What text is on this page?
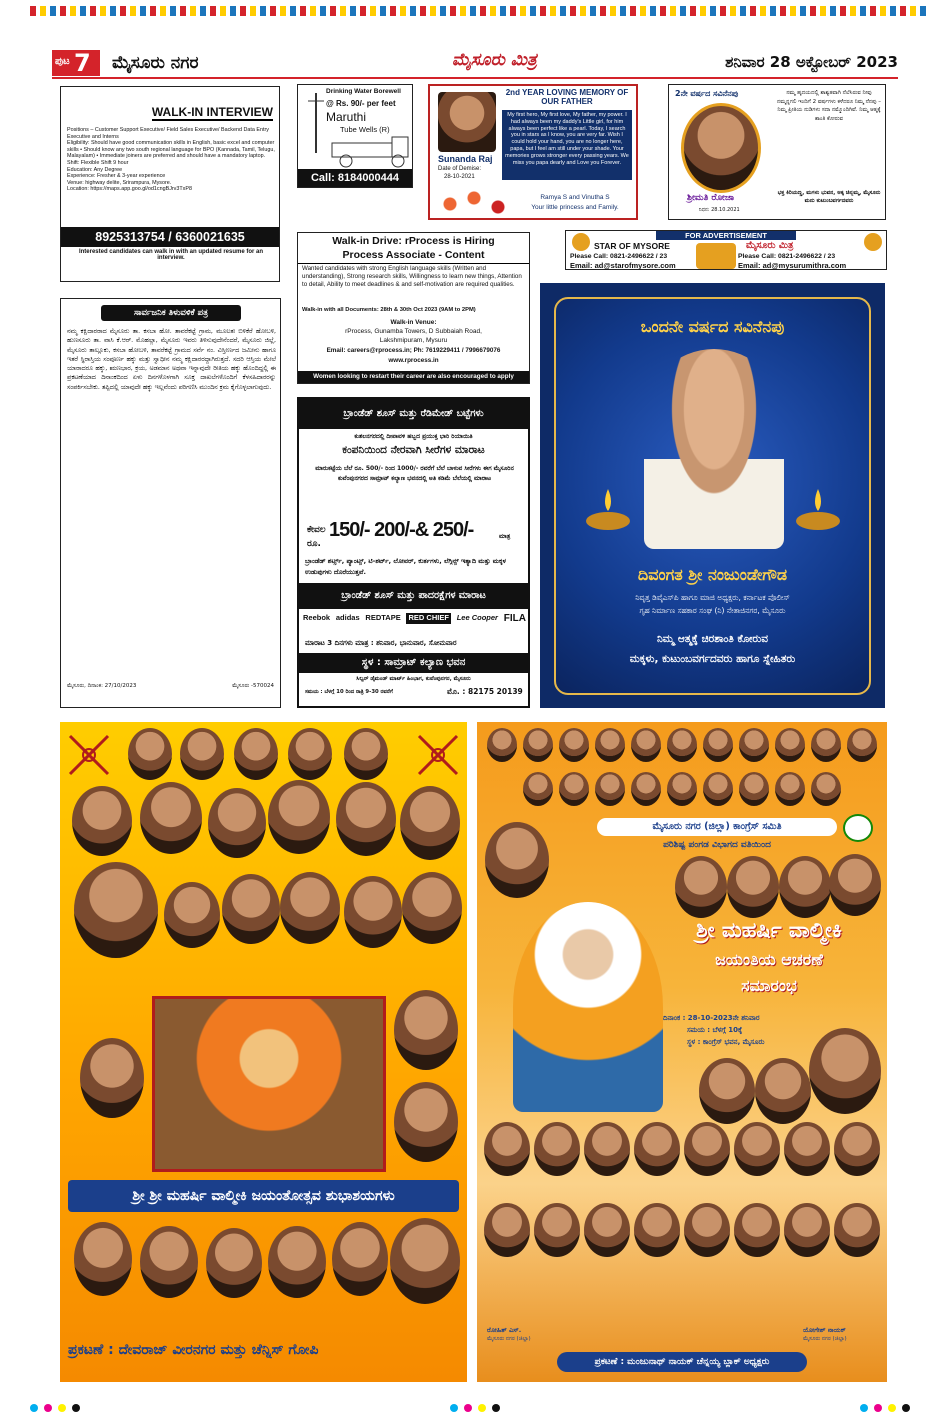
ಪುಟ 7 ಮೈಸೂರು ನಗರ	ಮೈಸೂರು ಮಿತ್ರ	ಶನಿವಾರ 28 ಅಕ್ಟೋಬರ್ 2023
WALK-IN INTERVIEW
Positions – Customer Support Executive/ Field Sales Executive/ Backend Data Entry Executive and Interns
Eligibility: Should have good communication skills in English, basic excel and computer skills • Should know any two south regional language for BPO (Kannada, Tamil, Telugu, Malayalam) • Immediate joiners are preferred and should have a mandatory laptop.
Shift: Flexible Shift 9 hour
Education: Any Degree
Experience: Fresher & 3-year experience
Venue: highway delite, Srirampura, Mysore.
Location: https://maps.app.goo.gl/od1cngBJrv3TxP8
8925313754 / 6360021635
Interested candidates can walk in with an updated resume for an interview.
Drinking Water Borewell
@ Rs. 90/- per feet
Maruthi
Tube Wells (R)
Call: 8184000444
2nd YEAR LOVING MEMORY OF OUR FATHER
Sunanda Raj
Date of Demise:
28-10-2021
My first hero, My first love, My father, my power. I had always been my daddy's Little girl, for him always been perfect like a pearl. Today, I search you in stars as I know, you are very far. Wish I could hold your hand, you are no longer here, papa, but I feel am still under your shade. Your memories grows stronger every passing years. We miss you papa dearly and Love you Forever.
Ramya S and Vinutha S
Your little princess and Family.
2ನೇ ವರ್ಷದ ಸವಿನೆನಪು
ಶ್ರೀಮತಿ ರೋಜಾ
ನಿಧನ: 28.10.2021
ನಮ್ಮ ಹೃದಯದಲ್ಲಿ ಶಾಶ್ವತವಾಗಿ ನೆಲೆಸಿರುವ ನೀವು ನಮ್ಮನ್ನಗಲಿ ಇಂದಿಗೆ 2 ವರ್ಷಗಳು ಕಳೆದರೂ ನಿಮ್ಮ ನೆನಪು – ನಿಮ್ಮ ಪ್ರೀತಿಯ ನುಡಿಗಳು ಸದಾ ನಮ್ಮೊಂದಿಗಿವೆ. ನಿಮ್ಮ ಆತ್ಮಕ್ಕೆ ಶಾಂತಿ ಕೋರುವ
ಭಕ್ತ ಕಿರಿಯಣ್ಣ, ಮಗಳು ಭುವನ, ಅಕ್ಕ ಚಿನ್ನಮ್ಮ, ಮೈಸೂರು ಮನು ಕುಟುಂಬವರ್ಗದವರು
FOR ADVERTISEMENT
STAR OF MYSORE	ಮೈಸೂರು ಮಿತ್ರ
Please Call: 0821-2496622 / 23
Email: ad@starofmysore.com
Please Call: 0821-2496622 / 23
Email: ad@mysurumithra.com
Walk-in Drive: rProcess is Hiring
Process Associate - Content
Wanted candidates with strong English language skills (Written and understanding), Strong research skills, Willingness to learn new things, Attention to detail, Ability to meet deadlines & and self-motivation are required qualities.
Walk-in with all Documents: 28th & 30th Oct 2023 (9AM to 2PM)
Walk-in Venue:
rProcess, Gunamba Towers, D Subbaiah Road,
Lakshmipuram, Mysuru
Email: careers@rprocess.in; Ph: 7619229411 / 7996679076
www.rprocess.in
Women looking to restart their career are also encouraged to apply
ಸಾರ್ವಜನಿಕ ತಿಳುವಳಿಕೆ ಪತ್ರ
ನಮ್ಮ ಕಕ್ಷಿದಾರರಾದ ಮೈಸೂರು ತಾ. ಕಸಬಾ ಹೋ. ತಾವರೆಕಟ್ಟೆ ಗ್ರಾಮ, ಮೂಲತಃ ಬಿಳಿಕೆರೆ ಹೋಬಳಿ, ಹುಣಸೂರು ತಾ. ವಾಸಿ ಕೆ.ಆರ್. ಮೊಹಲ್ಲಾ, ಮೈಸೂರು ಇವರು ತಿಳಿಸುವುದೇನೆಂದರೆ, ಮೈಸೂರು ಜಿಲ್ಲೆ, ಮೈಸೂರು ತಾಲ್ಲೂಕು, ಕಸಬಾ ಹೋಬಳಿ, ತಾವರೆಕಟ್ಟೆ ಗ್ರಾಮದ ಸರ್ವೆ ನಂ. ವಿಸ್ತೀರ್ಣದ ಜಮೀನು ಹಾಗೂ ಇತರೆ ಸ್ಥಿರಾಸ್ತಿಯ ಸಂಪೂರ್ಣ ಹಕ್ಕು ಮತ್ತು ಸ್ವಾಧೀನ ನಮ್ಮ ಕಕ್ಷಿದಾರರದ್ದಾಗಿರುತ್ತದೆ. ಸದರಿ ಆಸ್ತಿಯ ಮೇಲೆ ಯಾರಾದರೂ ಹಕ್ಕು, ಋಣಭಾರ, ಕ್ರಯ, ಅಡಮಾನ ಅಥವಾ ಇನ್ನಾವುದೇ ರೀತಿಯ ಹಕ್ಕು ಹೊಂದಿದ್ದಲ್ಲಿ ಈ ಪ್ರಕಟಣೆಯಾದ ದಿನಾಂಕದಿಂದ ಏಳು ದಿನಗಳೊಳಗಾಗಿ ಸೂಕ್ತ ದಾಖಲೆಗಳೊಂದಿಗೆ ಕೆಳಸಹಿದಾರರನ್ನು ಸಂಪರ್ಕಿಸಬೇಕು. ತಪ್ಪಿದಲ್ಲಿ ಯಾವುದೇ ಹಕ್ಕು ಇಲ್ಲವೆಂದು ಪರಿಗಣಿಸಿ ಮುಂದಿನ ಕ್ರಮ ಕೈಗೊಳ್ಳಲಾಗುವುದು.
ಮೈಸೂರು, ದಿನಾಂಕ: 27/10/2023	ಮೈಸೂರು -570024
ಬ್ರಾಂಡೆಡ್ ಶೂಸ್ ಮತ್ತು ರೆಡಿಮೇಡ್ ಬಟ್ಟೆಗಳು
ಕುಶಲನಗರದಲ್ಲಿ ದೀಪಾವಳಿ ಹಬ್ಬದ ಪ್ರಯುಕ್ತ ಭಾರಿ ರಿಯಾಯಿತಿ
ಕಂಪನಿಯಿಂದ ನೇರವಾಗಿ ಸೀರೆಗಳ ಮಾರಾಟ
ಮಾರುಕಟ್ಟೆಯ ಬೆಲೆ ರೂ. 500/- ರಿಂದ 1000/- ರವರೆಗೆ ಬೆಲೆ ಬಾಳುವ ಸೀರೆಗಳು ಈಗ ಮೈಸೂರಿನ ಕುವೆಂಪುನಗರದ ಸಾಮ್ರಾಟ್ ಕಲ್ಯಾಣ ಭವನದಲ್ಲಿ ಅತಿ ಕಡಿಮೆ ಬೆಲೆಯಲ್ಲಿ ಮಾರಾಟ
ಕೇವಲ ರೂ.
150/- 200/-& 250/-	ಮಾತ್ರ
ಬ್ರಾಂಡೆಡ್ ಶರ್ಟ್ಸ್, ಪ್ಯಾಂಟ್ಸ್, ಟಿ-ಶರ್ಟ್, ಲೋವರ್, ಕುರ್ತಗಳು, ಲೆಗ್ಗಿನ್ಸ್ ಇತ್ಯಾದಿ ಮತ್ತು ಮಕ್ಕಳ ಉಡುಪುಗಳು ದೊರೆಯುತ್ತವೆ.
ಬ್ರಾಂಡೆಡ್ ಶೂಸ್ ಮತ್ತು ಪಾದರಕ್ಷೆಗಳ ಮಾರಾಟ
Reebok adidas REDTAPE RED CHIEF Lee Cooper FILA
ಮಾರಾಟ 3 ದಿನಗಳು ಮಾತ್ರ : ಶನಿವಾರ, ಭಾನುವಾರ, ಸೋಮವಾರ
ಸ್ಥಳ : ಸಾಮ್ರಾಟ್ ಕಲ್ಯಾಣ ಭವನ
ಸಿಲ್ವರ್ ಡೈಮಂಡ್ ಮಾರ್ಟ್ ಹಿಂಭಾಗ, ಕುವೆಂಪುನಗರ, ಮೈಸೂರು
ಸಮಯ : ಬೆಳಗ್ಗೆ 10 ರಿಂದ ರಾತ್ರಿ 9-30 ರವರೆಗೆ	ಮೊ. : 82175 20139
ಒಂದನೇ ವರ್ಷದ ಸವಿನೆನಪು
ದಿವಂಗತ ಶ್ರೀ ನಂಜುಂಡೇಗೌಡ
ನಿವೃತ್ತ ಡಿವೈಎಸ್‌ಪಿ ಹಾಗೂ ಮಾಜಿ ಅಧ್ಯಕ್ಷರು, ಕರ್ನಾಟಕ ಪೊಲೀಸ್
ಗೃಹ ನಿರ್ಮಾಣ ಸಹಕಾರ ಸಂಘ (ನಿ) ನೇತಾಜಿನಗರ, ಮೈಸೂರು
ನಿಮ್ಮ ಆತ್ಮಕ್ಕೆ ಚಿರಶಾಂತಿ ಕೋರುವ
ಮಕ್ಕಳು, ಕುಟುಂಬವರ್ಗದವರು ಹಾಗೂ ಸ್ನೇಹಿತರು
ಶ್ರೀ ಶ್ರೀ ಮಹರ್ಷಿ ವಾಲ್ಮೀಕಿ ಜಯಂತೋತ್ಸವ ಶುಭಾಶಯಗಳು
ಪ್ರಕಟಣೆ : ದೇವರಾಜ್ ವೀರನಗರ ಮತ್ತು ಚೆನ್ನಿಸ್ ಗೋಪಿ
ಮೈಸೂರು ನಗರ (ಜಿಲ್ಲಾ) ಕಾಂಗ್ರೆಸ್ ಸಮಿತಿ
ಪರಿಶಿಷ್ಟ ಪಂಗಡ ವಿಭಾಗದ ವತಿಯಿಂದ
ಶ್ರೀ ಮಹರ್ಷಿ ವಾಲ್ಮೀಕಿ
ಜಯಂತಿಯ ಆಚರಣೆ
ಸಮಾರಂಭ
ದಿನಾಂಕ : 28-10-2023ನೇ ಶನಿವಾರ
ಸಮಯ : ಬೆಳಗ್ಗೆ 10ಕ್ಕೆ
ಸ್ಥಳ : ಕಾಂಗ್ರೆಸ್ ಭವನ, ಮೈಸೂರು
ರೋಹಿತ್ ಎಸ್.
ಮೈಸೂರು ನಗರ (ಜಿಲ್ಲಾ)
ಯೋಗೇಶ್ ನಾಯಕ್
ಮೈಸೂರು ನಗರ (ಜಿಲ್ಲಾ)
ಪ್ರಕಟಣೆ : ಮಂಜುನಾಥ್ ನಾಯಕ್ ಚೆನ್ನಯ್ಯ ಬ್ಲಾಕ್ ಅಧ್ಯಕ್ಷರು
